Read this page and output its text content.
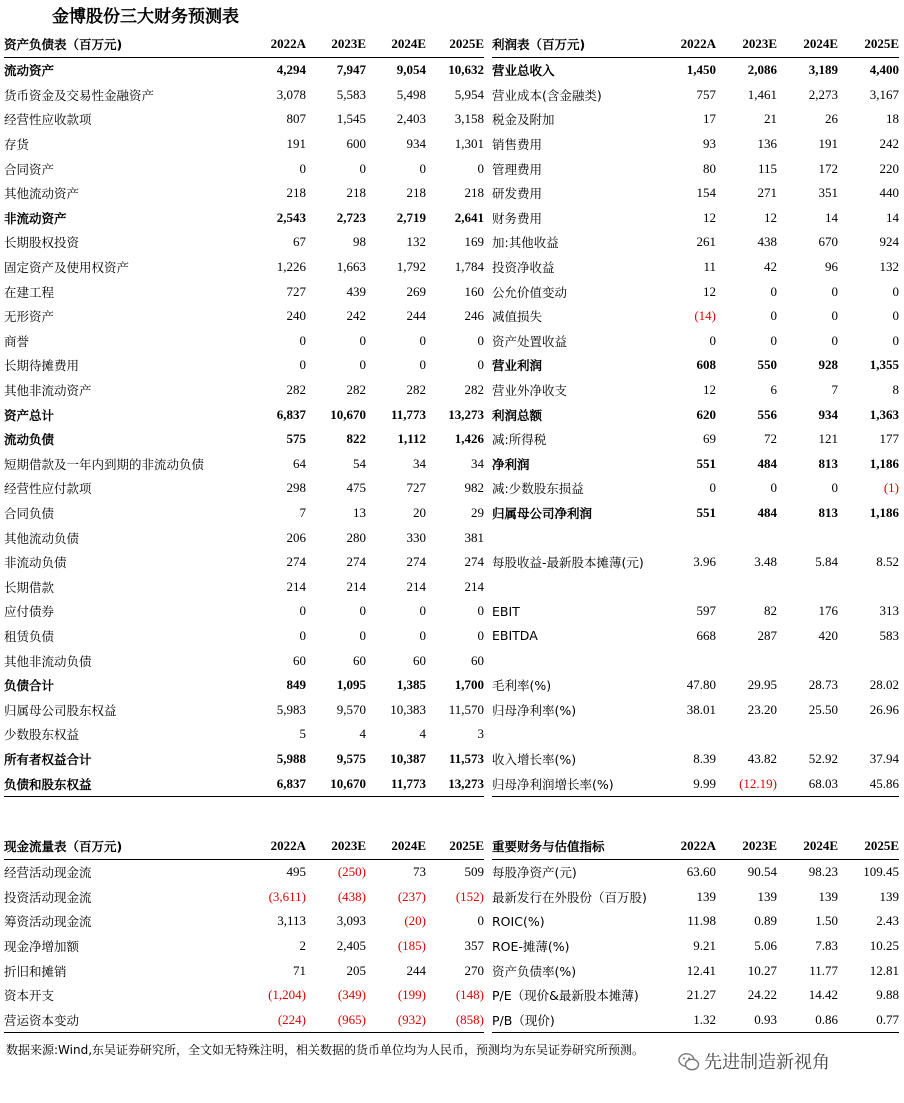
金博股份三大财务预测表
资产负债表（百万元)	2022A	2023E	2024E	2025E
流动资产	4,294	7,947	9,054	10,632
货币资金及交易性金融资产	3,078	5,583	5,498	5,954
经营性应收款项	807	1,545	2,403	3,158
存货	191	600	934	1,301
合同资产	0	0	0	0
其他流动资产	218	218	218	218
非流动资产	2,543	2,723	2,719	2,641
长期股权投资	67	98	132	169
固定资产及使用权资产	1,226	1,663	1,792	1,784
在建工程	727	439	269	160
无形资产	240	242	244	246
商誉	0	0	0	0
长期待摊费用	0	0	0	0
其他非流动资产	282	282	282	282
资产总计	6,837	10,670	11,773	13,273
流动负债	575	822	1,112	1,426
短期借款及一年内到期的非流动负债	64	54	34	34
经营性应付款项	298	475	727	982
合同负债	7	13	20	29
其他流动负债	206	280	330	381
非流动负债	274	274	274	274
长期借款	214	214	214	214
应付债券	0	0	0	0
租赁负债	0	0	0	0
其他非流动负债	60	60	60	60
负债合计	849	1,095	1,385	1,700
归属母公司股东权益	5,983	9,570	10,383	11,570
少数股东权益	5	4	4	3
所有者权益合计	5,988	9,575	10,387	11,573
负债和股东权益	6,837	10,670	11,773	13,273
利润表（百万元)	2022A	2023E	2024E	2025E
营业总收入	1,450	2,086	3,189	4,400
营业成本(含金融类)	757	1,461	2,273	3,167
税金及附加	17	21	26	18
销售费用	93	136	191	242
管理费用	80	115	172	220
研发费用	154	271	351	440
财务费用	12	12	14	14
加:其他收益	261	438	670	924
投资净收益	11	42	96	132
公允价值变动	12	0	0	0
减值损失	(14)	0	0	0
资产处置收益	0	0	0	0
营业利润	608	550	928	1,355
营业外净收支	12	6	7	8
利润总额	620	556	934	1,363
减:所得税	69	72	121	177
净利润	551	484	813	1,186
减:少数股东损益	0	0	0	(1)
归属母公司净利润	551	484	813	1,186

每股收益-最新股本摊薄(元)	3.96	3.48	5.84	8.52

EBIT	597	82	176	313
EBITDA	668	287	420	583

毛利率(%)	47.80	29.95	28.73	28.02
归母净利率(%)	38.01	23.20	25.50	26.96

收入增长率(%)	8.39	43.82	52.92	37.94
归母净利润增长率(%)	9.99	(12.19)	68.03	45.86
现金流量表（百万元)	2022A	2023E	2024E	2025E
经营活动现金流	495	(250)	73	509
投资活动现金流	(3,611)	(438)	(237)	(152)
筹资活动现金流	3,113	3,093	(20)	0
现金净增加额	2	2,405	(185)	357
折旧和摊销	71	205	244	270
资本开支	(1,204)	(349)	(199)	(148)
营运资本变动	(224)	(965)	(932)	(858)
重要财务与估值指标	2022A	2023E	2024E	2025E
每股净资产(元)	63.60	90.54	98.23	109.45
最新发行在外股份（百万股)	139	139	139	139
ROIC(%)	11.98	0.89	1.50	2.43
ROE-摊薄(%)	9.21	5.06	7.83	10.25
资产负债率(%)	12.41	10.27	11.77	12.81
P/E（现价&最新股本摊薄)	21.27	24.22	14.42	9.88
P/B（现价)	1.32	0.93	0.86	0.77
数据来源:Wind,东吴证券研究所，全文如无特殊注明，相关数据的货币单位均为人民币，预测均为东吴证券研究所预测。
先进制造新视角
